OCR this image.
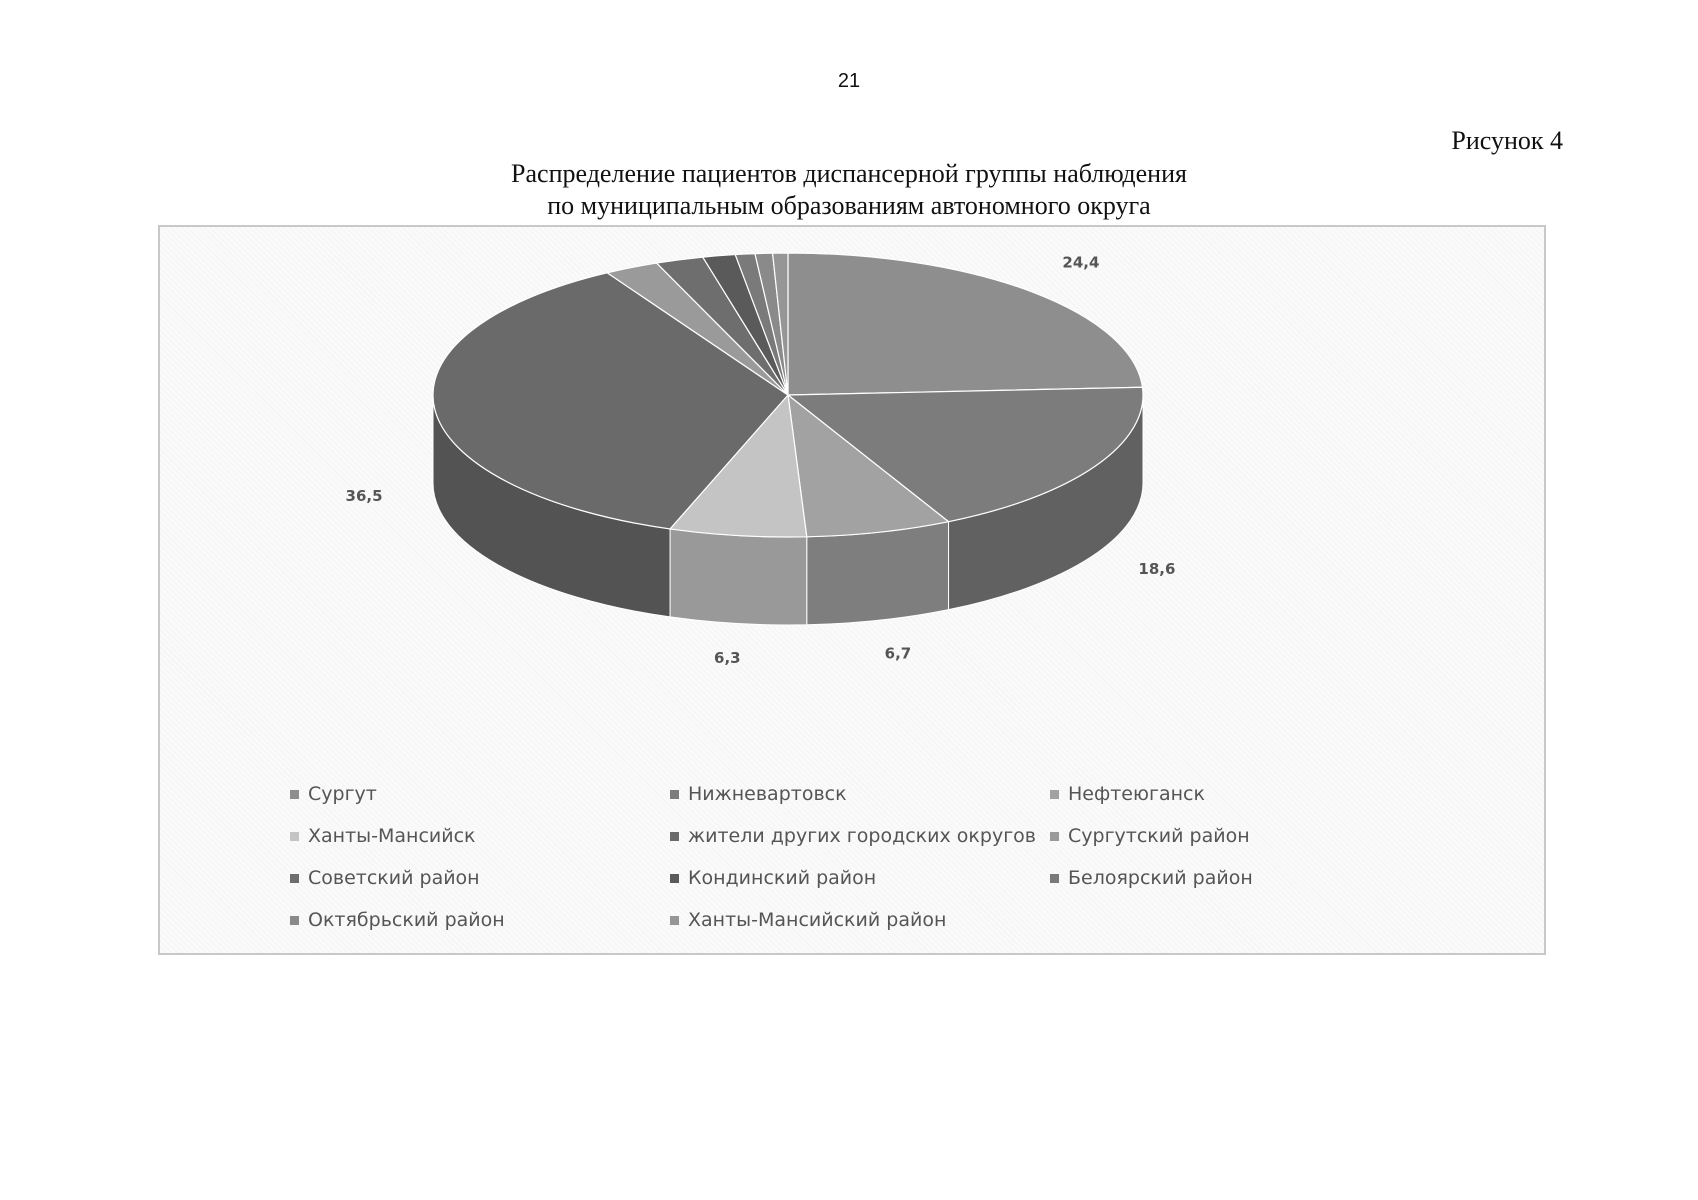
21
Рисунок 4
Распределение пациентов диспансерной группы наблюдения
по муниципальным образованиям автономного округа
24,4
18,6
6,7
6,3
36,5
Сургут	Нижневартовск	Нефтеюганск
Ханты-Мансийск	жители других городских округов Сургутский район
Советский район	Кондинский район	Белоярский район
Октябрьский район	Ханты-Мансийский район
